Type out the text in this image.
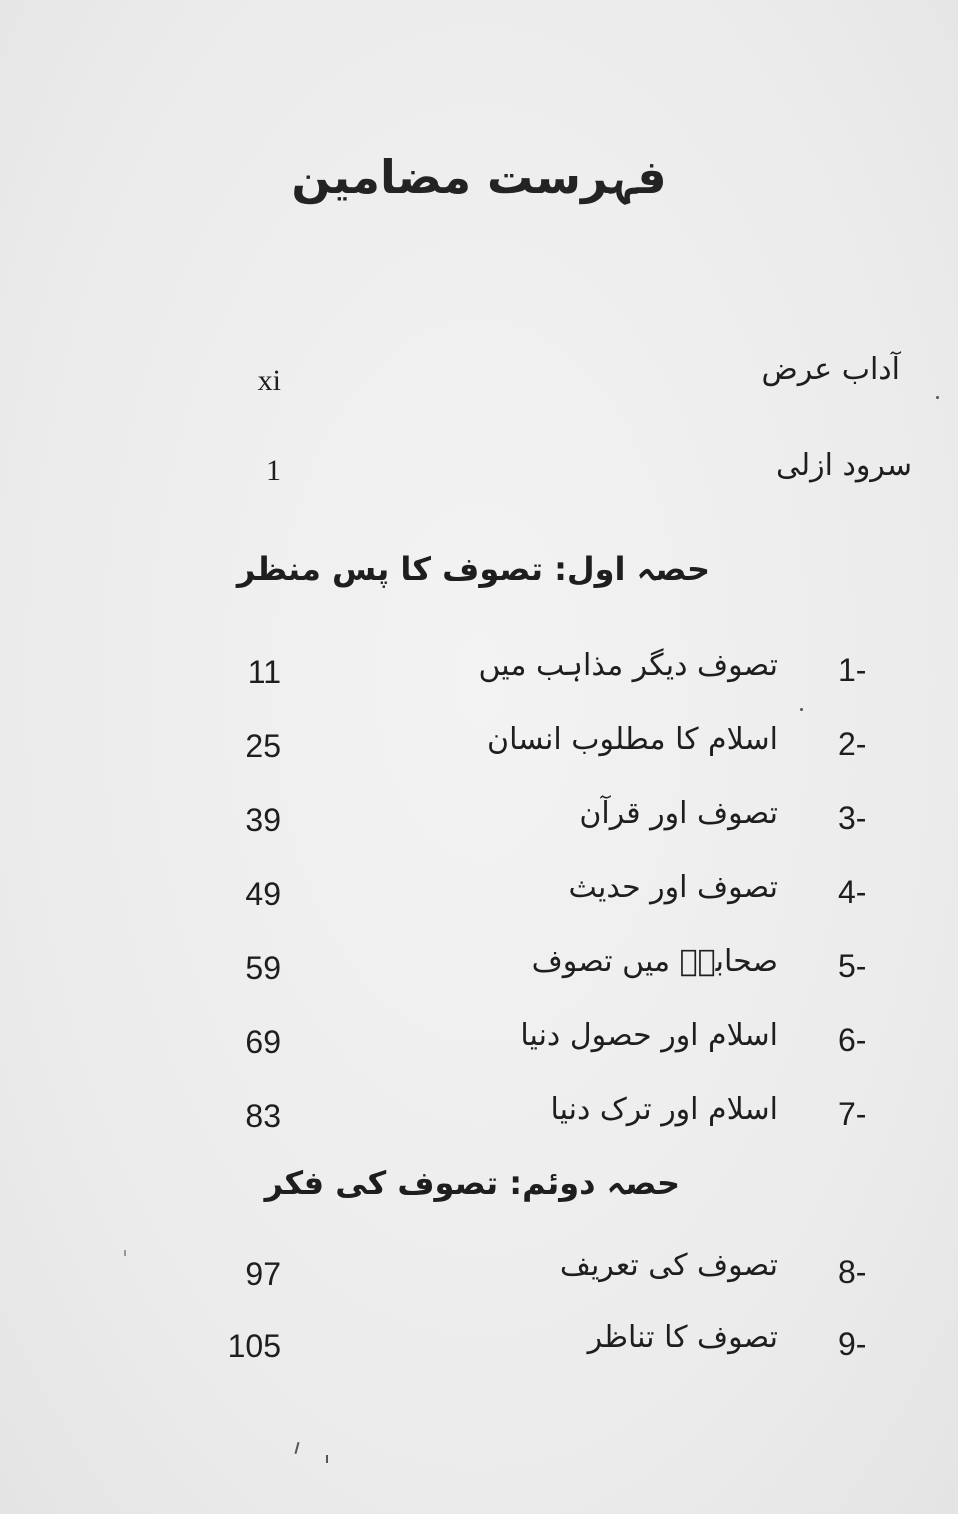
فہرست مضامین
آداب عرض
xi
سرود ازلی
1
حصہ اول: تصوف کا پس منظر
1-
تصوف دیگر مذاہب میں
11
2-
اسلام کا مطلوب انسان
25
3-
تصوف اور قرآن
39
4-
تصوف اور حدیث
49
5-
صحابہؓ میں تصوف
59
6-
اسلام اور حصول دنیا
69
7-
اسلام اور ترک دنیا
83
حصہ دوئم: تصوف کی فکر
8-
تصوف کی تعریف
97
9-
تصوف کا تناظر
105
